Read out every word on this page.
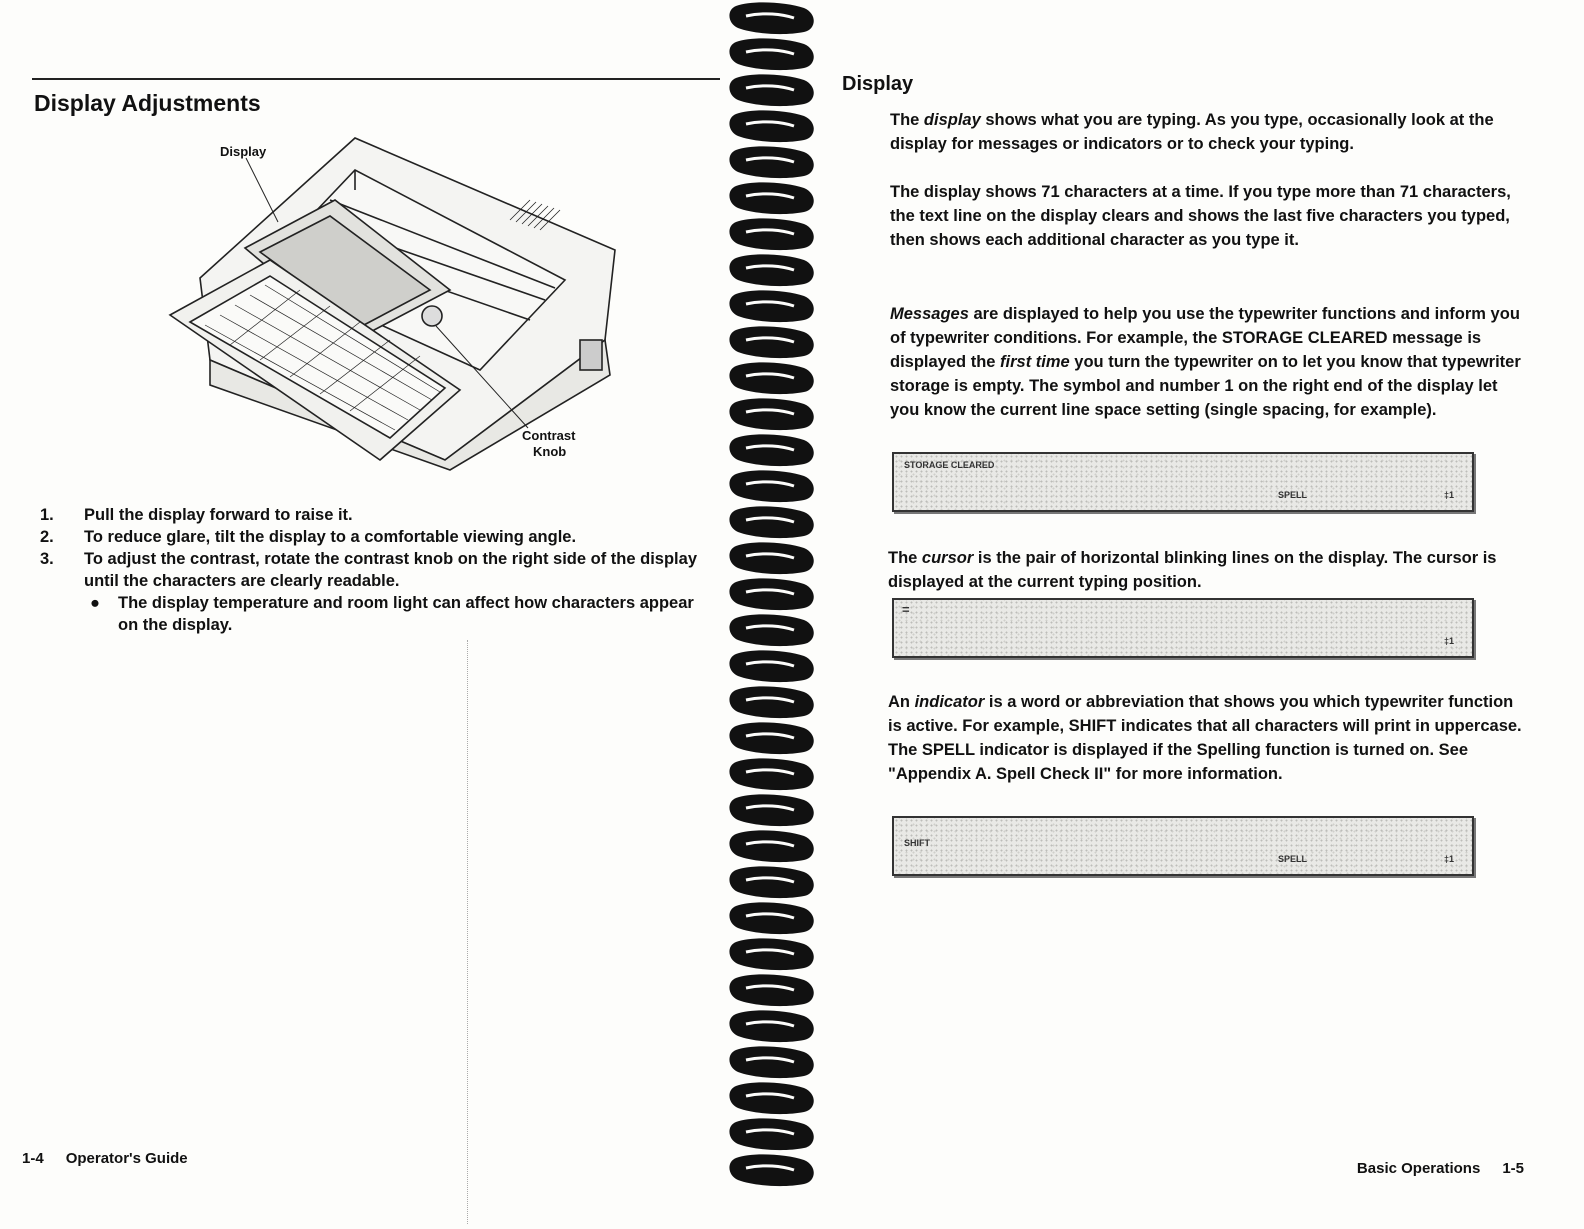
Display Adjustments
Display
Contrast
Knob
1. Pull the display forward to raise it.
2. To reduce glare, tilt the display to a comfortable viewing angle.
3. To adjust the contrast, rotate the contrast knob on the right side of the display until the characters are clearly readable.
● The display temperature and room light can affect how characters appear on the display.
1-4 Operator's Guide
Display

The display shows what you are typing. As you type, occasionally look at the display for messages or indicators or to check your typing.

The display shows 71 characters at a time. If you type more than 71 characters, the text line on the display clears and shows the last five characters you typed, then shows each additional character as you type it.

Messages are displayed to help you use the typewriter functions and inform you of typewriter conditions. For example, the STORAGE CLEARED message is displayed the first time you turn the typewriter on to let you know that typewriter storage is empty. The symbol and number 1 on the right end of the display let you know the current line space setting (single spacing, for example).

STORAGE CLEARED
SPELL	‡1

The cursor is the pair of horizontal blinking lines on the display. The cursor is displayed at the current typing position.

=
‡1

An indicator is a word or abbreviation that shows you which typewriter function is active. For example, SHIFT indicates that all characters will print in uppercase. The SPELL indicator is displayed if the Spelling function is turned on. See "Appendix A. Spell Check II" for more information.

SHIFT
SPELL	‡1
Basic Operations 1-5
